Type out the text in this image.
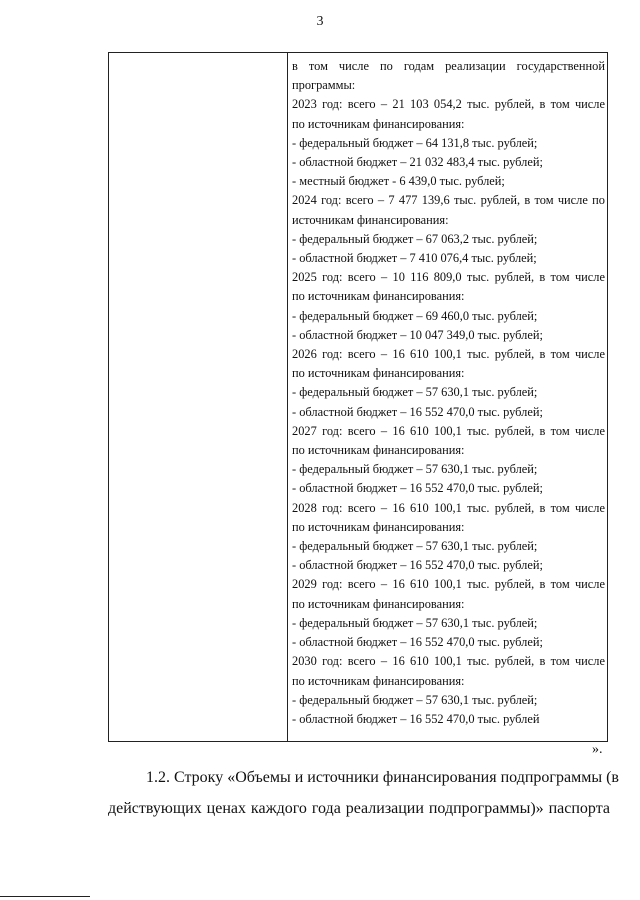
3

в том числе по годам реализации государственной
программы:
2023 год: всего – 21 103 054,2 тыс. рублей, в том числе
по источникам финансирования:
- федеральный бюджет – 64 131,8 тыс. рублей;
- областной бюджет – 21 032 483,4 тыс. рублей;
- местный бюджет - 6 439,0 тыс. рублей;
2024 год: всего – 7 477 139,6 тыс. рублей, в том числе по
источникам финансирования:
- федеральный бюджет – 67 063,2 тыс. рублей;
- областной бюджет – 7 410 076,4 тыс. рублей;
2025 год: всего – 10 116 809,0 тыс. рублей, в том числе
по источникам финансирования:
- федеральный бюджет – 69 460,0 тыс. рублей;
- областной бюджет – 10 047 349,0 тыс. рублей;
2026 год: всего – 16 610 100,1 тыс. рублей, в том числе
по источникам финансирования:
- федеральный бюджет – 57 630,1 тыс. рублей;
- областной бюджет – 16 552 470,0 тыс. рублей;
2027 год: всего – 16 610 100,1 тыс. рублей, в том числе
по источникам финансирования:
- федеральный бюджет – 57 630,1 тыс. рублей;
- областной бюджет – 16 552 470,0 тыс. рублей;
2028 год: всего – 16 610 100,1 тыс. рублей, в том числе
по источникам финансирования:
- федеральный бюджет – 57 630,1 тыс. рублей;
- областной бюджет – 16 552 470,0 тыс. рублей;
2029 год: всего – 16 610 100,1 тыс. рублей, в том числе
по источникам финансирования:
- федеральный бюджет – 57 630,1 тыс. рублей;
- областной бюджет – 16 552 470,0 тыс. рублей;
2030 год: всего – 16 610 100,1 тыс. рублей, в том числе
по источникам финансирования:
- федеральный бюджет – 57 630,1 тыс. рублей;
- областной бюджет – 16 552 470,0 тыс. рублей
».
1.2. Строку «Объемы и источники финансирования подпрограммы (в
действующих ценах каждого года реализации подпрограммы)» паспорта
